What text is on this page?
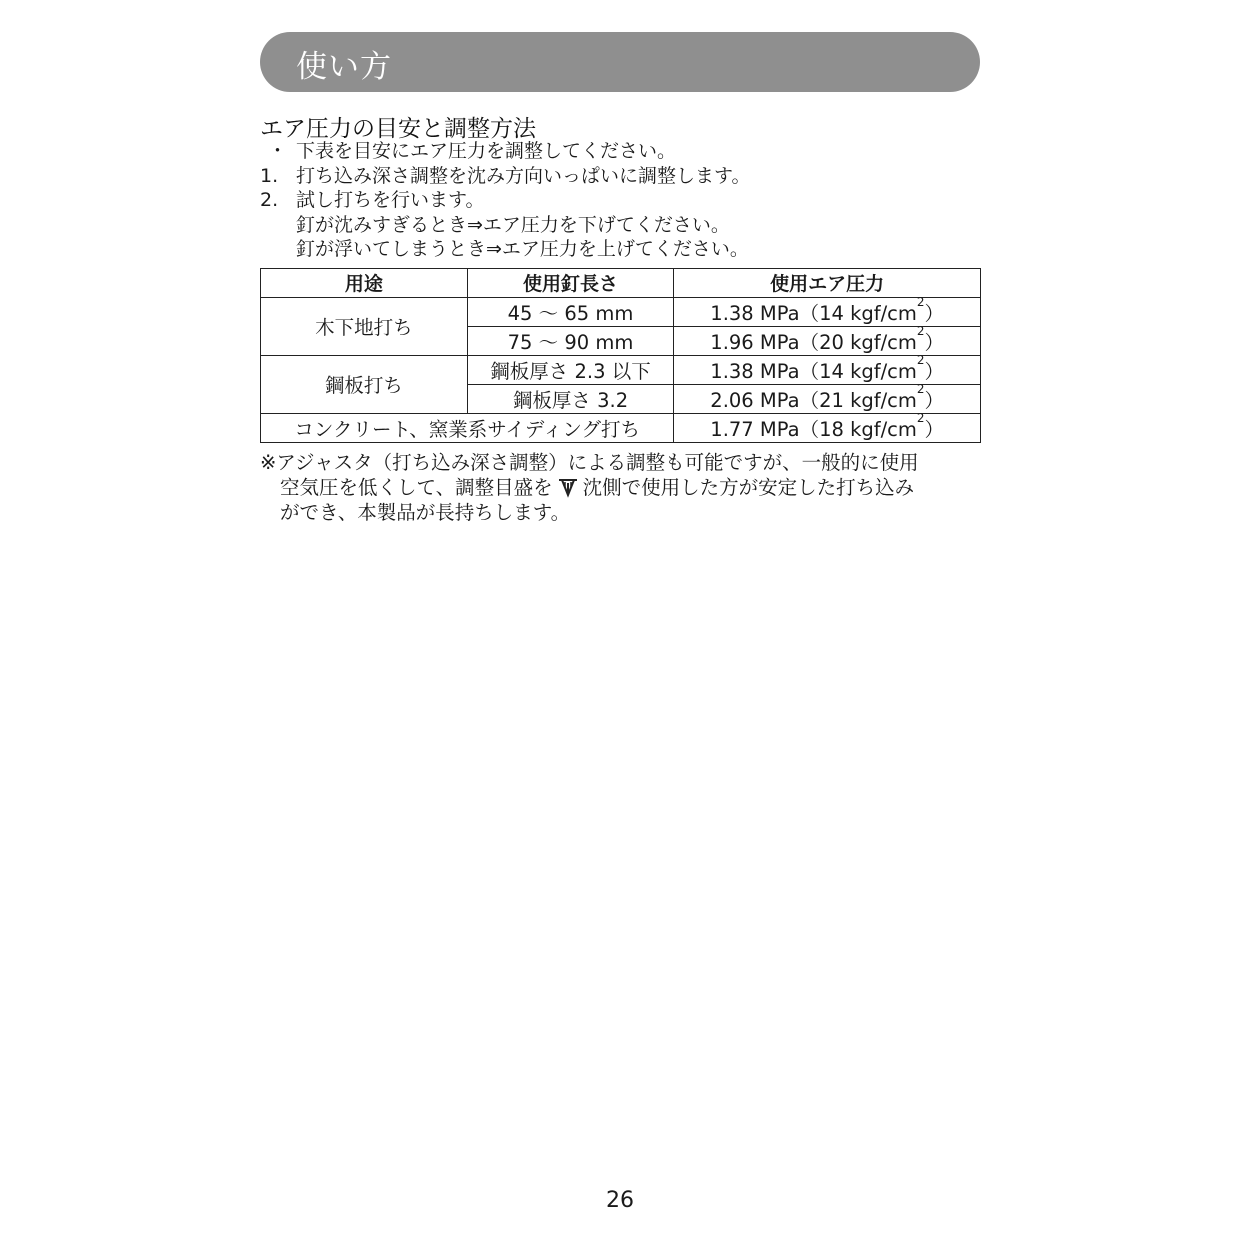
使い方
エア圧力の目安と調整方法
・ 下表を目安にエア圧力を調整してください。
1. 打ち込み深さ調整を沈み方向いっぱいに調整します。
2. 試し打ちを行います。
釘が沈みすぎるとき⇒エア圧力を下げてください。
釘が浮いてしまうとき⇒エア圧力を上げてください。
用途	使用釘長さ	使用エア圧力
木下地打ち	45 ～ 65 mm	1.38 MPa（14 kgf/$cm^2$）
	75 ～ 90 mm	1.96 MPa（20 kgf/$cm^2$）
鋼板打ち	鋼板厚さ 2.3 以下	1.38 MPa（14 kgf/$cm^2$）
	鋼板厚さ 3.2	2.06 MPa（21 kgf/$cm^2$）
コンクリート、窯業系サイディング打ち		1.77 MPa（18 kgf/$cm^2$）
※アジャスタ（打ち込み深さ調整）による調整も可能ですが、一般的に使用
空気圧を低くして、調整目盛を 沈側で使用した方が安定した打ち込み
ができ、本製品が長持ちします。
26
